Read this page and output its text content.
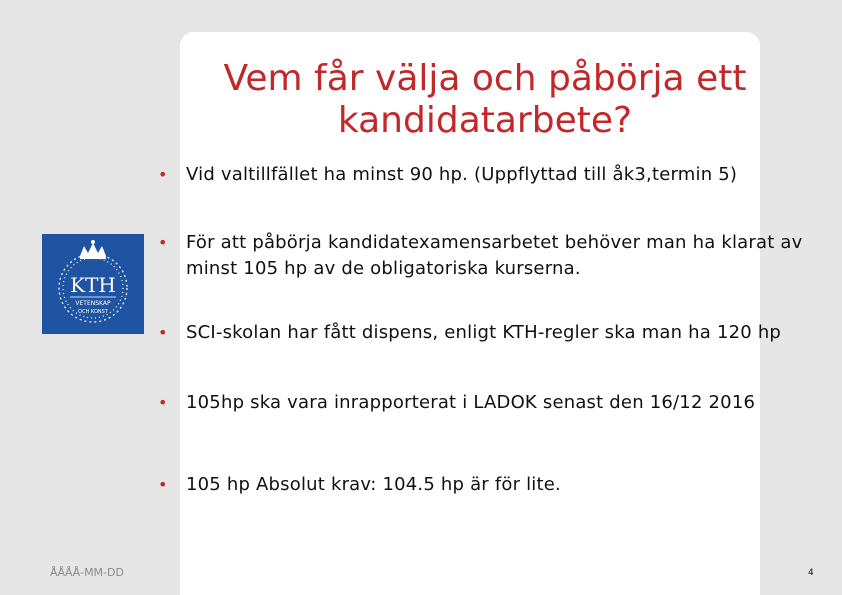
Vem får välja och påbörja ett kandidatarbete?
• Vid valtillfället ha minst 90 hp. (Uppflyttad till åk3,termin 5)
• För att påbörja kandidatexamensarbetet behöver man ha klarat av minst 105 hp av de obligatoriska kurserna.
• SCI-skolan har fått dispens, enligt KTH-regler ska man ha 120 hp
• 105hp ska vara inrapporterat i LADOK senast den 16/12 2016
• 105 hp Absolut krav: 104.5 hp är för lite.
KTH
VETENSKAP
OCH KONST
ÅÅÅÅ-MM-DD	4
